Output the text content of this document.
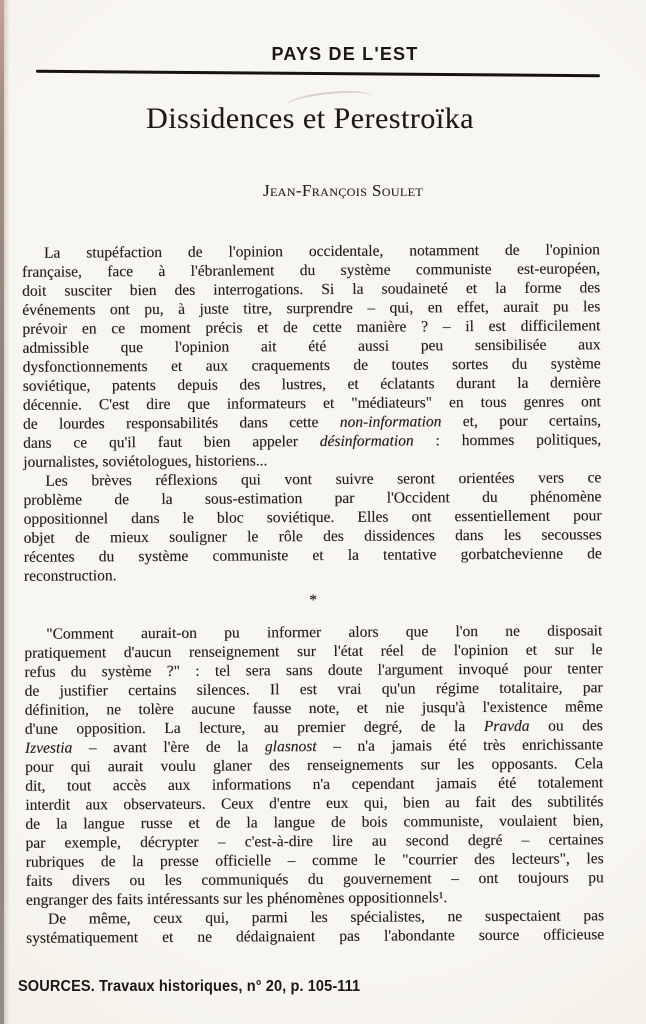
PAYS DE L'EST
Dissidences et Perestroïka
Jean-François Soulet
La stupéfaction de l'opinion occidentale, notamment de l'opinion
française, face à l'ébranlement du système communiste est-européen,
doit susciter bien des interrogations. Si la soudaineté et la forme des
événements ont pu, à juste titre, surprendre – qui, en effet, aurait pu les
prévoir en ce moment précis et de cette manière ? – il est difficilement
admissible que l'opinion ait été aussi peu sensibilisée aux
dysfonctionnements et aux craquements de toutes sortes du système
soviétique, patents depuis des lustres, et éclatants durant la dernière
décennie. C'est dire que informateurs et "médiateurs" en tous genres ont
de lourdes responsabilités dans cette non-information et, pour certains,
dans ce qu'il faut bien appeler désinformation : hommes politiques,
journalistes, soviétologues, historiens...
Les brèves réflexions qui vont suivre seront orientées vers ce
problème de la sous-estimation par l'Occident du phénomène
oppositionnel dans le bloc soviétique. Elles ont essentiellement pour
objet de mieux souligner le rôle des dissidences dans les secousses
récentes du système communiste et la tentative gorbatchevienne de
reconstruction.
*
"Comment aurait-on pu informer alors que l'on ne disposait
pratiquement d'aucun renseignement sur l'état réel de l'opinion et sur le
refus du système ?" : tel sera sans doute l'argument invoqué pour tenter
de justifier certains silences. Il est vrai qu'un régime totalitaire, par
définition, ne tolère aucune fausse note, et nie jusqu'à l'existence même
d'une opposition. La lecture, au premier degré, de la Pravda ou des
Izvestia – avant l'ère de la glasnost – n'a jamais été très enrichissante
pour qui aurait voulu glaner des renseignements sur les opposants. Cela
dit, tout accès aux informations n'a cependant jamais été totalement
interdit aux observateurs. Ceux d'entre eux qui, bien au fait des subtilités
de la langue russe et de la langue de bois communiste, voulaient bien,
par exemple, décrypter – c'est-à-dire lire au second degré – certaines
rubriques de la presse officielle – comme le "courrier des lecteurs", les
faits divers ou les communiqués du gouvernement – ont toujours pu
engranger des faits intéressants sur les phénomènes oppositionnels¹.
De même, ceux qui, parmi les spécialistes, ne suspectaient pas
systématiquement et ne dédaignaient pas l'abondante source officieuse
SOURCES. Travaux historiques, n° 20, p. 105-111
